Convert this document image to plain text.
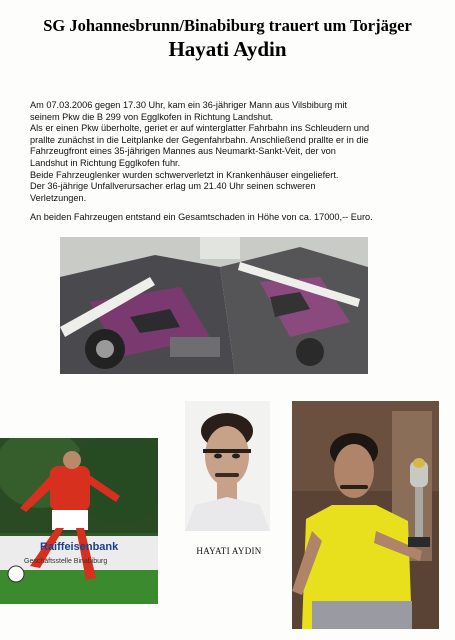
SG Johannesbrunn/Binabiburg trauert um Torjäger
Hayati Aydin

Am 07.03.2006 gegen 17.30 Uhr, kam ein 36-jähriger Mann aus Vilsbiburg mit

seinem Pkw die B 299 von Egglkofen in Richtung Landshut.

Als er einen Pkw überholte, geriet er auf winterglatter Fahrbahn ins Schleudern und

prallte zunächst in die Leitplanke der Gegenfahrbahn. Anschließend prallte er in die

Fahrzeugfront eines 35-jährigen Mannes aus Neumarkt-Sankt-Veit, der von

Landshut in Richtung Egglkofen fuhr.

Beide Fahrzeuglenker wurden schwerverletzt in Krankenhäuser eingeliefert.

Der 36-jährige Unfallverursacher erlag um 21.40 Uhr seinen schweren

Verletzungen.

An beiden Fahrzeugen entstand ein Gesamtschaden in Höhe von ca. 17000,-- Euro.

Raiffeisenbank
Geschäftsstelle Binabiburg
HAYATI AYDIN
